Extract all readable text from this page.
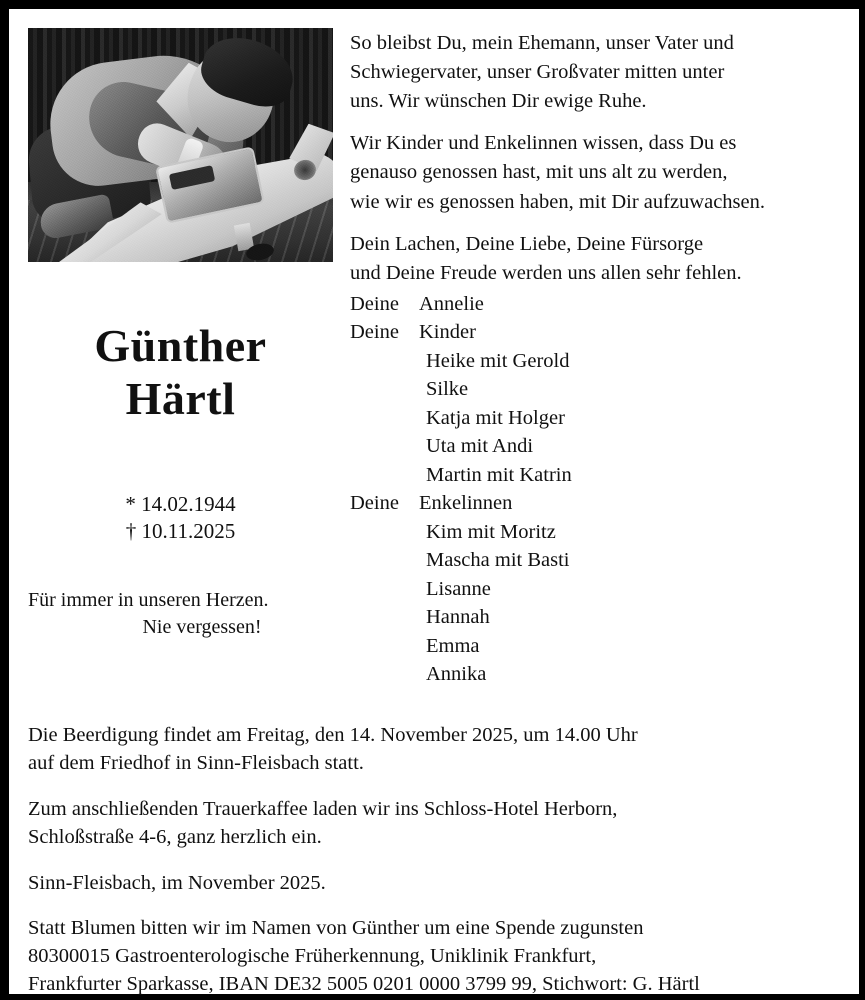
So bleibst Du, mein Ehemann, unser Vater und
Schwiegervater, unser Großvater mitten unter
uns. Wir wünschen Dir ewige Ruhe.

Wir Kinder und Enkelinnen wissen, dass Du es
genauso genossen hast, mit uns alt zu werden,
wie wir es genossen haben, mit Dir aufzuwachsen.

Dein Lachen, Deine Liebe, Deine Fürsorge
und Deine Freude werden uns allen sehr fehlen.

Günther
Härtl
* 14.02.1944
† 10.11.2025
Für immer in unseren Herzen.
Nie vergessen!
Deine Annelie
Deine Kinder
Heike mit Gerold
Silke
Katja mit Holger
Uta mit Andi
Martin mit Katrin
Deine Enkelinnen
Kim mit Moritz
Mascha mit Basti
Lisanne
Hannah
Emma
Annika

Die Beerdigung findet am Freitag, den 14. November 2025, um 14.00 Uhr
auf dem Friedhof in Sinn-Fleisbach statt.

Zum anschließenden Trauerkaffee laden wir ins Schloss-Hotel Herborn,
Schloßstraße 4-6, ganz herzlich ein.

Sinn-Fleisbach, im November 2025.

Statt Blumen bitten wir im Namen von Günther um eine Spende zugunsten
80300015 Gastroenterologische Früherkennung, Uniklinik Frankfurt,
Frankfurter Sparkasse, IBAN DE32 5005 0201 0000 3799 99, Stichwort: G. Härtl
